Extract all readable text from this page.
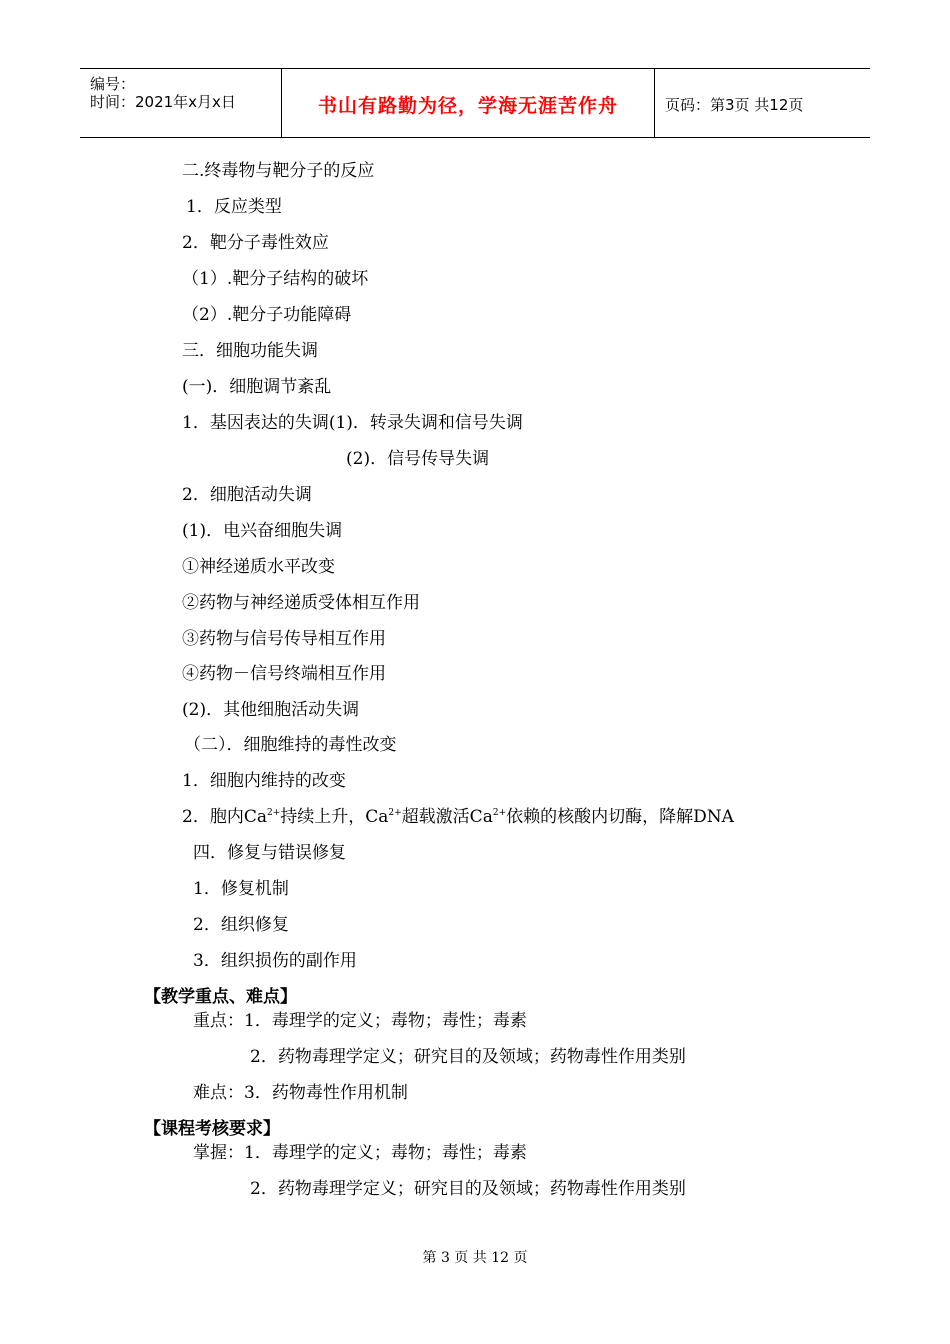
编号：
时间：2021年x月x日	书山有路勤为径，学海无涯苦作舟	页码：第3页 共12页
二.终毒物与靶分子的反应
1．反应类型
2．靶分子毒性效应
（1）.靶分子结构的破坏
（2）.靶分子功能障碍
三．细胞功能失调
(一)．细胞调节紊乱
1．基因表达的失调(1)．转录失调和信号失调
(2)．信号传导失调
2．细胞活动失调
(1)．电兴奋细胞失调
①神经递质水平改变
②药物与神经递质受体相互作用
③药物与信号传导相互作用
④药物－信号终端相互作用
(2)．其他细胞活动失调
（二）．细胞维持的毒性改变
1．细胞内维持的改变
2．胞内$Ca^{2+}$持续上升，$Ca^{2+}$超载激活$Ca^{2+}$依赖的核酸内切酶，降解DNA
四．修复与错误修复
1．修复机制
2．组织修复
3．组织损伤的副作用
【教学重点、难点】
重点：1．毒理学的定义；毒物；毒性；毒素
2．药物毒理学定义；研究目的及领域；药物毒性作用类别
难点：3．药物毒性作用机制
【课程考核要求】
掌握：1．毒理学的定义；毒物；毒性；毒素
2．药物毒理学定义；研究目的及领域；药物毒性作用类别
第 3 页 共 12 页
